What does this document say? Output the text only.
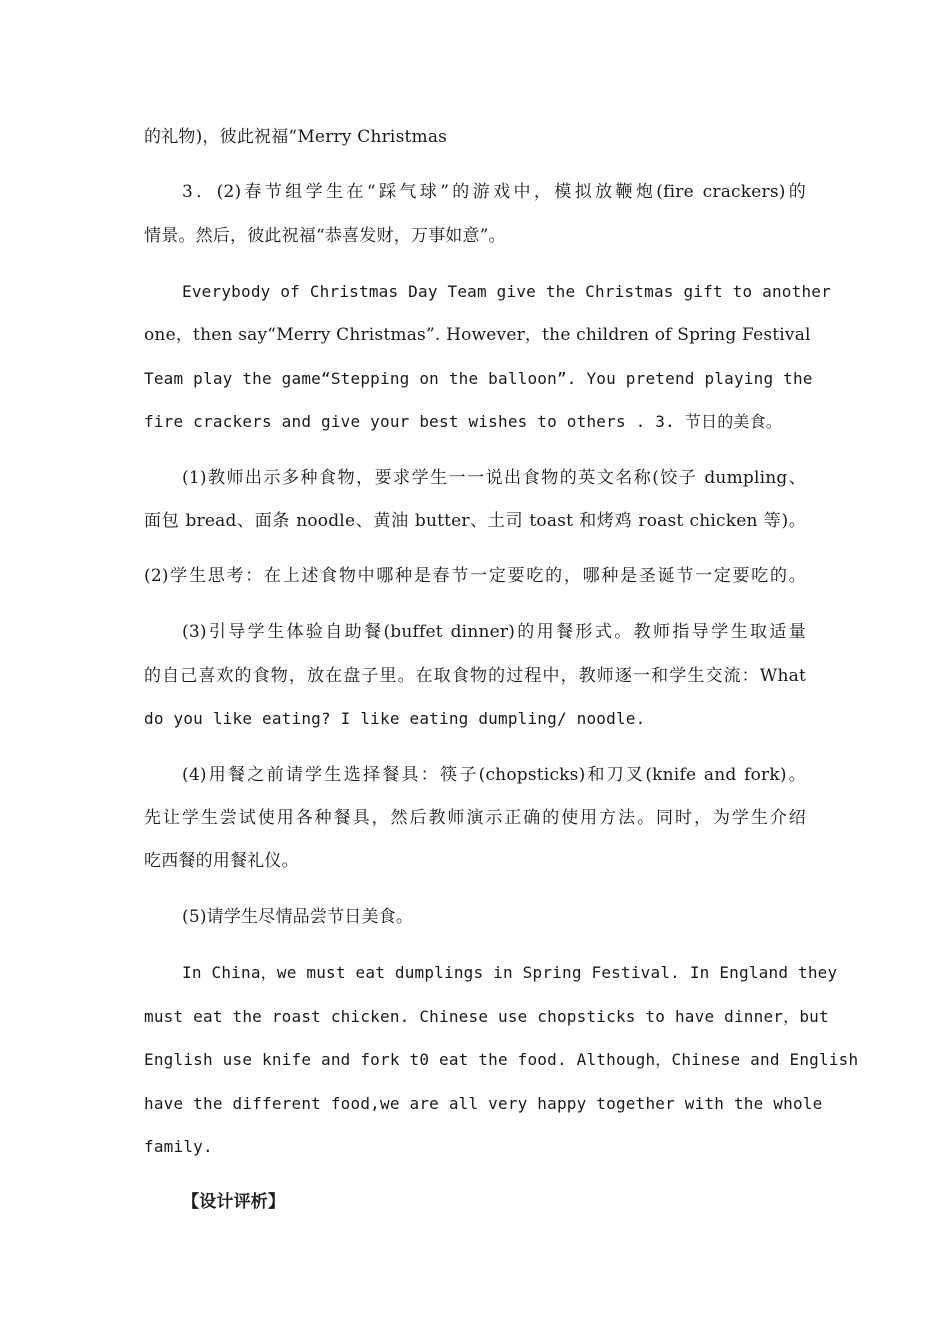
的礼物)，彼此祝福“Merry Christmas
3．(2)春节组学生在“踩气球”的游戏中，模拟放鞭炮(fire crackers)的
情景。然后，彼此祝福“恭喜发财，万事如意”。
Everybody of Christmas Day Team give the Christmas gift to another
one，then say“Merry Christmas”. However，the children of Spring Festival
Team play the game“Stepping on the balloon”. You pretend playing the
fire crackers and give your best wishes to others . 3. 节日的美食。
(1)教师出示多种食物，要求学生一一说出食物的英文名称(饺子 dumpling、
面包 bread、面条 noodle、黄油 butter、土司 toast 和烤鸡 roast chicken 等)。
(2)学生思考：在上述食物中哪种是春节一定要吃的，哪种是圣诞节一定要吃的。
(3)引导学生体验自助餐(buffet dinner)的用餐形式。教师指导学生取适量
的自己喜欢的食物，放在盘子里。在取食物的过程中，教师逐一和学生交流：What
do you like eating? I like eating dumpling/ noodle.
(4)用餐之前请学生选择餐具：筷子(chopsticks)和刀叉(knife and fork)。
先让学生尝试使用各种餐具，然后教师演示正确的使用方法。同时，为学生介绍
吃西餐的用餐礼仪。
(5)请学生尽情品尝节日美食。
In China，we must eat dumplings in Spring Festival. In England they
must eat the roast chicken. Chinese use chopsticks to have dinner，but
English use knife and fork t0 eat the food. Although，Chinese and English
have the different food,we are all very happy together with the whole
family.
【设计评析】
